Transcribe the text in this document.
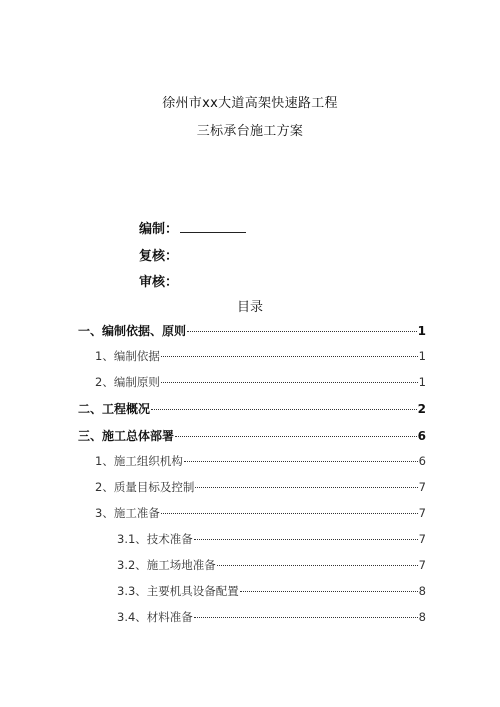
徐州市xx大道高架快速路工程
三标承台施工方案
编制：
复核：
审核：
目录
一、编制依据、原则	1
1、编制依据	1
2、编制原则	1
二、工程概况	2
三、施工总体部署	6
1、施工组织机构	6
2、质量目标及控制	7
3、施工准备	7
3.1、技术准备	7
3.2、施工场地准备	7
3.3、主要机具设备配置	8
3.4、材料准备	8
